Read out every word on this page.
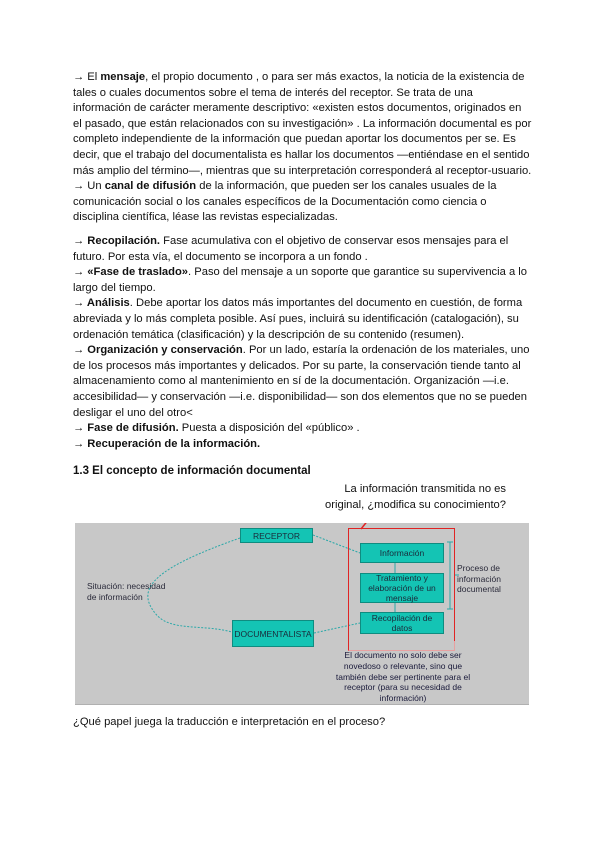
→ El mensaje, el propio documento , o para ser más exactos, la noticia de la existencia de tales o cuales documentos sobre el tema de interés del receptor. Se trata de una información de carácter meramente descriptivo: «existen estos documentos, originados en el pasado, que están relacionados con su investigación» . La información documental es por completo independiente de la información que puedan aportar los documentos per se. Es decir, que el trabajo del documentalista es hallar los documentos —entiéndase en el sentido más amplio del término—, mientras que su interpretación corresponderá al receptor-usuario.

→ Un canal de difusión de la información, que pueden ser los canales usuales de la comunicación social o los canales específicos de la Documentación como ciencia o disciplina científica, léase las revistas especializadas.

→ Recopilación. Fase acumulativa con el objetivo de conservar esos mensajes para el futuro. Por esta vía, el documento se incorpora a un fondo .

→ «Fase de traslado». Paso del mensaje a un soporte que garantice su supervivencia a lo largo del tiempo.

→ Análisis. Debe aportar los datos más importantes del documento en cuestión, de forma abreviada y lo más completa posible. Así pues, incluirá su identificación (catalogación), su ordenación temática (clasificación) y la descripción de su contenido (resumen).

→ Organización y conservación. Por un lado, estaría la ordenación de los materiales, uno de los procesos más importantes y delicados. Por su parte, la conservación tiende tanto al almacenamiento como al mantenimiento en sí de la documentación. Organización —i.e. accesibilidad— y conservación —i.e. disponibilidad— son dos elementos que no se pueden desligar el uno del otro<

→ Fase de difusión. Puesta a disposición del «público» .

→ Recuperación de la información.

1.3 El concepto de información documental
La información transmitida no es
original, ¿modifica su conocimiento?
RECEPTOR
DOCUMENTALISTA
Situación: necesidad
de información
Información
Tratamiento y elaboración de un mensaje
Recopilación de datos
Proceso de
información
documental
El documento no solo debe ser novedoso o relevante, sino que también debe ser pertinente para el receptor (para su necesidad de información)
¿Qué papel juega la traducción e interpretación en el proceso?
